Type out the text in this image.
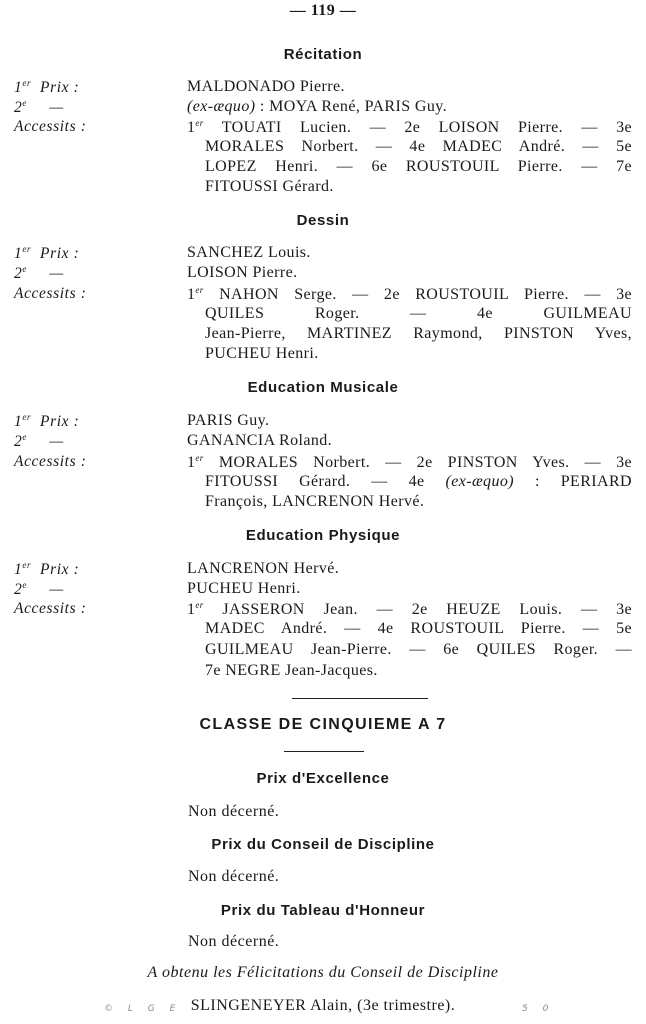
— 119 —
Récitation
1er Prix :	MALDONADO Pierre.
2e —	(ex-æquo) : MOYA René, PARIS Guy.
Accessits :	1er TOUATI Lucien. — 2e LOISON Pierre. — 3e
MORALES Norbert. — 4e MADEC André. — 5e
LOPEZ Henri. — 6e ROUSTOUIL Pierre. — 7e
FITOUSSI Gérard.
Dessin
1er Prix :	SANCHEZ Louis.
2e —	LOISON Pierre.
Accessits :	1er NAHON Serge. — 2e ROUSTOUIL Pierre. — 3e
QUILES Roger. — 4e GUILMEAU
Jean-Pierre, MARTINEZ Raymond, PINSTON Yves,
PUCHEU Henri.
Education Musicale
1er Prix :	PARIS Guy.
2e —	GANANCIA Roland.
Accessits :	1er MORALES Norbert. — 2e PINSTON Yves. — 3e
FITOUSSI Gérard. — 4e (ex-æquo) : PERIARD
François, LANCRENON Hervé.
Education Physique
1er Prix :	LANCRENON Hervé.
2e —	PUCHEU Henri.
Accessits :	1er JASSERON Jean. — 2e HEUZE Louis. — 3e
MADEC André. — 4e ROUSTOUIL Pierre. — 5e
GUILMEAU Jean-Pierre. — 6e QUILES Roger. —
7e NEGRE Jean-Jacques.
CLASSE DE CINQUIEME A 7
Prix d'Excellence
Non décerné.
Prix du Conseil de Discipline
Non décerné.
Prix du Tableau d'Honneur
Non décerné.
A obtenu les Félicitations du Conseil de Discipline
SLINGENEYER Alain, (3e trimestre).
© L G E	5 0
